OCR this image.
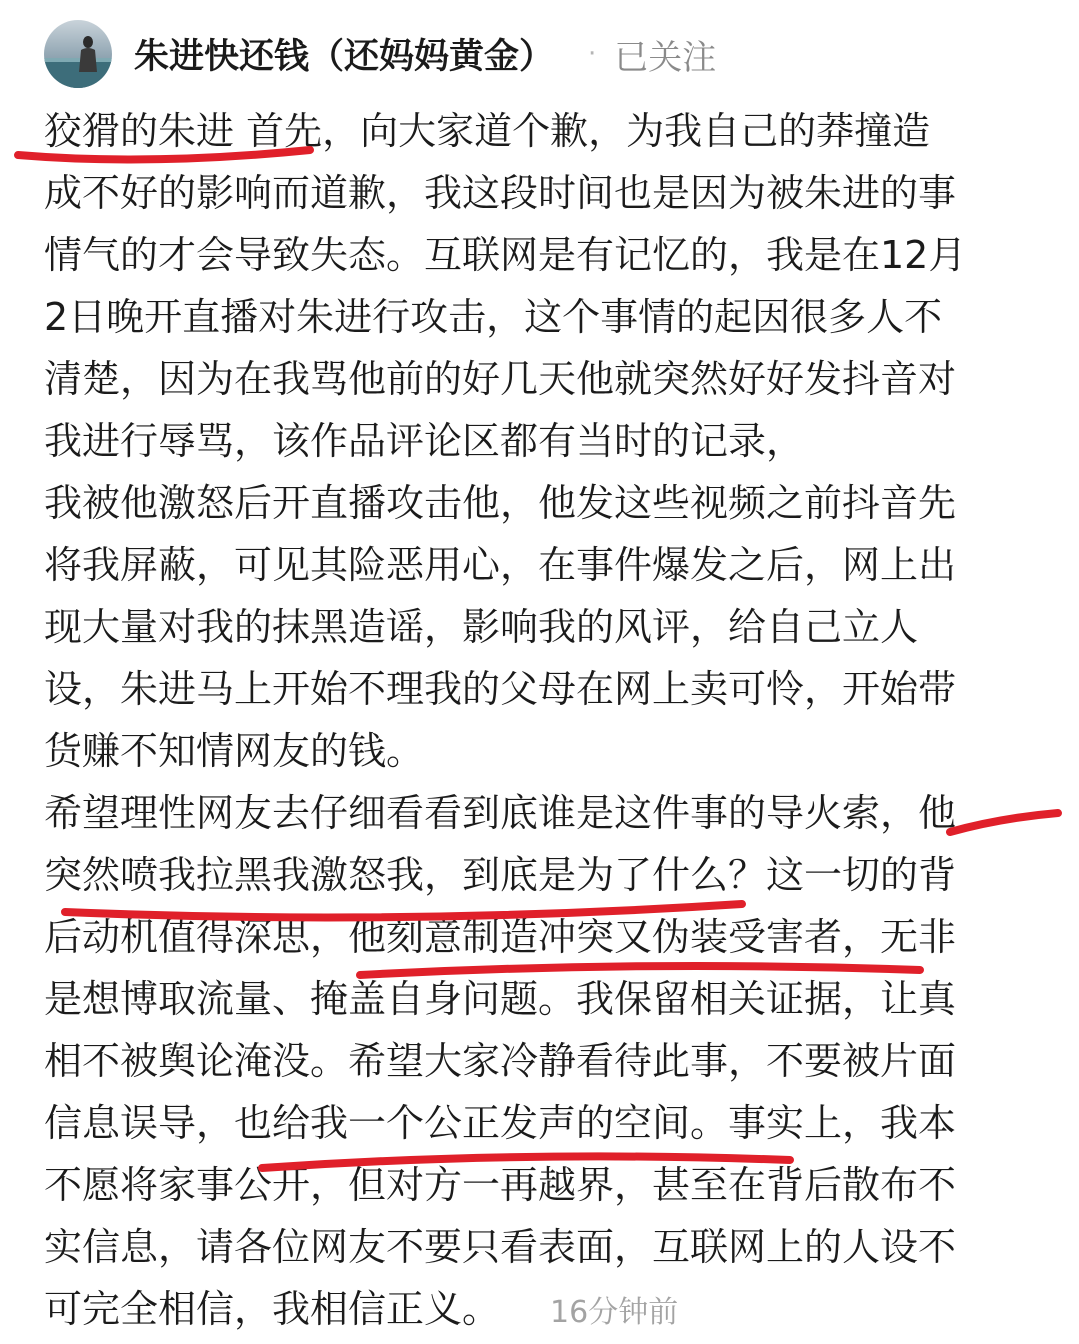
朱进快还钱（还妈妈黄金） · 已关注
狡猾的朱进 首先，向大家道个歉，为我自己的莽撞造
成不好的影响而道歉，我这段时间也是因为被朱进的事
情气的才会导致失态。互联网是有记忆的，我是在12月
2日晚开直播对朱进行攻击，这个事情的起因很多人不
清楚，因为在我骂他前的好几天他就突然好好发抖音对
我进行辱骂，该作品评论区都有当时的记录，
我被他激怒后开直播攻击他，他发这些视频之前抖音先
将我屏蔽，可见其险恶用心，在事件爆发之后，网上出
现大量对我的抹黑造谣，影响我的风评，给自己立人
设，朱进马上开始不理我的父母在网上卖可怜，开始带
货赚不知情网友的钱。
希望理性网友去仔细看看到底谁是这件事的导火索，他
突然喷我拉黑我激怒我，到底是为了什么？这一切的背
后动机值得深思，他刻意制造冲突又伪装受害者，无非
是想博取流量、掩盖自身问题。我保留相关证据，让真
相不被舆论淹没。希望大家冷静看待此事，不要被片面
信息误导，也给我一个公正发声的空间。事实上，我本
不愿将家事公开，但对方一再越界，甚至在背后散布不
实信息，请各位网友不要只看表面，互联网上的人设不
可完全相信，我相信正义。 16分钟前
